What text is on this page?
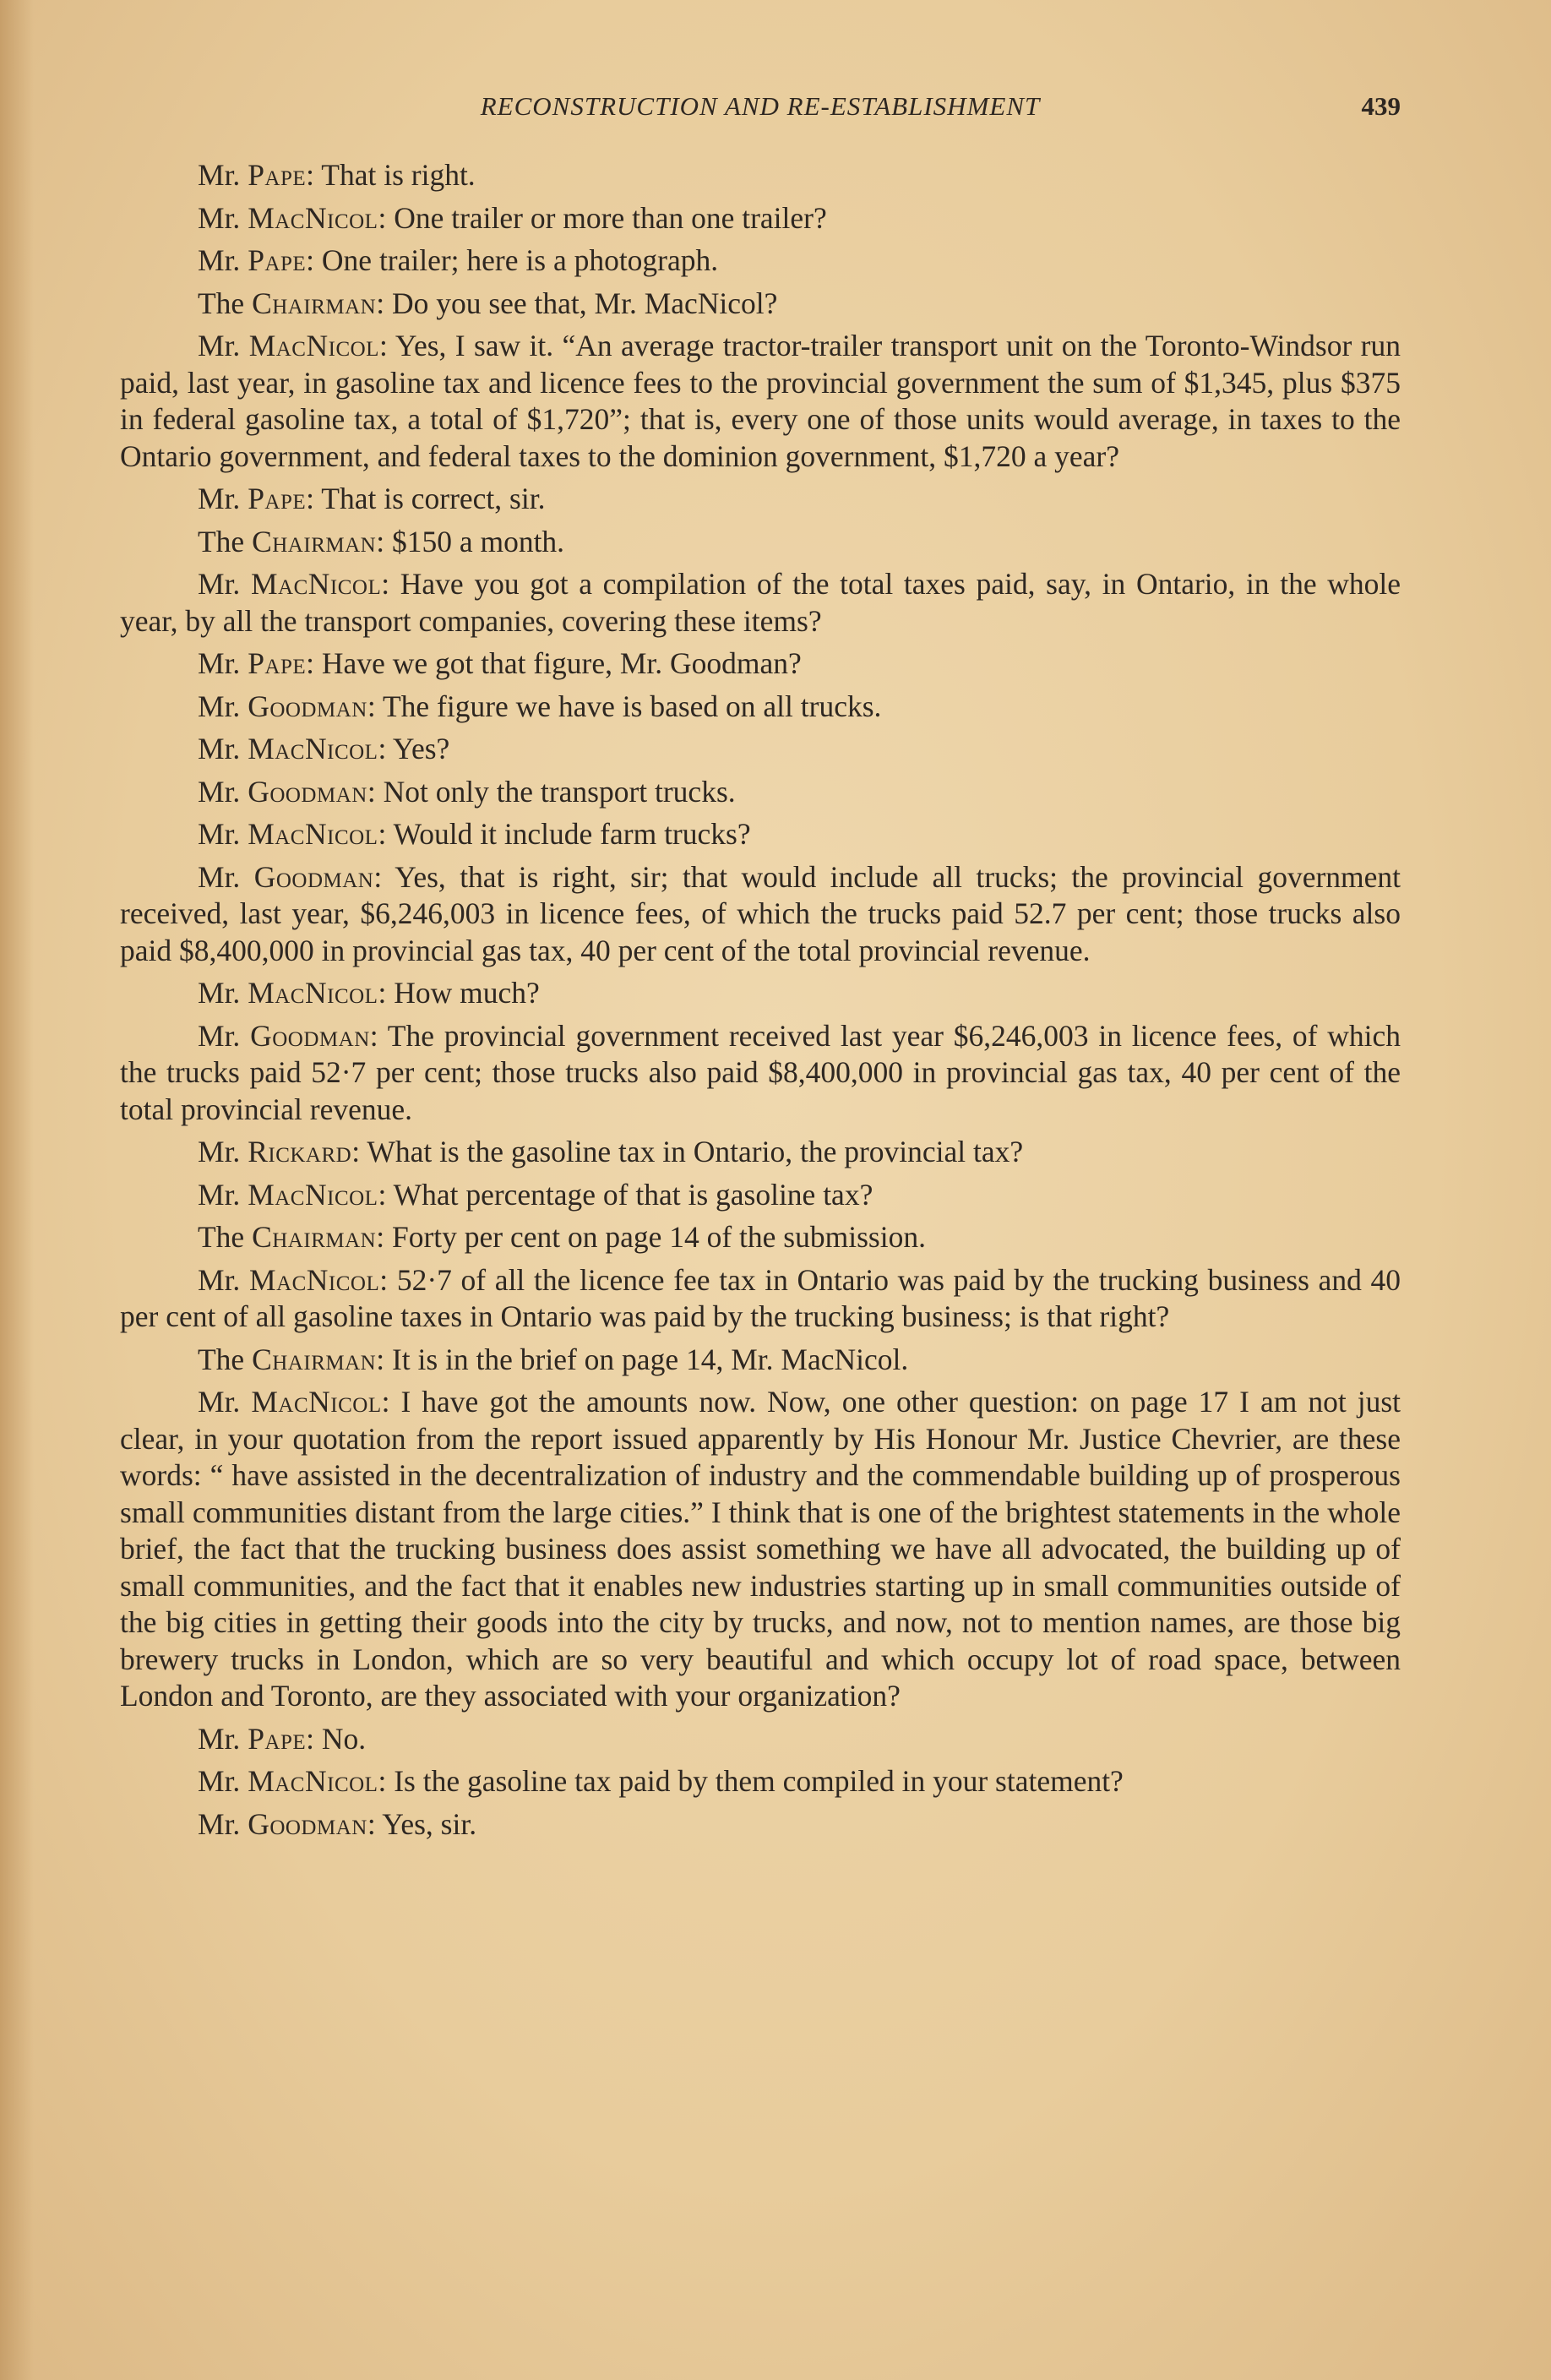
RECONSTRUCTION AND RE-ESTABLISHMENT	439

Mr. Pape: That is right.

Mr. MacNicol: One trailer or more than one trailer?

Mr. Pape: One trailer; here is a photograph.

The Chairman: Do you see that, Mr. MacNicol?

Mr. MacNicol: Yes, I saw it. “An average tractor-trailer transport unit on the Toronto-Windsor run paid, last year, in gasoline tax and licence fees to the provincial government the sum of $1,345, plus $375 in federal gasoline tax, a total of $1,720”; that is, every one of those units would average, in taxes to the Ontario government, and federal taxes to the dominion government, $1,720 a year?

Mr. Pape: That is correct, sir.

The Chairman: $150 a month.

Mr. MacNicol: Have you got a compilation of the total taxes paid, say, in Ontario, in the whole year, by all the transport companies, covering these items?

Mr. Pape: Have we got that figure, Mr. Goodman?

Mr. Goodman: The figure we have is based on all trucks.

Mr. MacNicol: Yes?

Mr. Goodman: Not only the transport trucks.

Mr. MacNicol: Would it include farm trucks?

Mr. Goodman: Yes, that is right, sir; that would include all trucks; the provincial government received, last year, $6,246,003 in licence fees, of which the trucks paid 52.7 per cent; those trucks also paid $8,400,000 in provincial gas tax, 40 per cent of the total provincial revenue.

Mr. MacNicol: How much?

Mr. Goodman: The provincial government received last year $6,246,003 in licence fees, of which the trucks paid 52·7 per cent; those trucks also paid $8,400,000 in provincial gas tax, 40 per cent of the total provincial revenue.

Mr. Rickard: What is the gasoline tax in Ontario, the provincial tax?

Mr. MacNicol: What percentage of that is gasoline tax?

The Chairman: Forty per cent on page 14 of the submission.

Mr. MacNicol: 52·7 of all the licence fee tax in Ontario was paid by the trucking business and 40 per cent of all gasoline taxes in Ontario was paid by the trucking business; is that right?

The Chairman: It is in the brief on page 14, Mr. MacNicol.

Mr. MacNicol: I have got the amounts now. Now, one other question: on page 17 I am not just clear, in your quotation from the report issued apparently by His Honour Mr. Justice Chevrier, are these words: “ have assisted in the decentralization of industry and the commendable building up of prosperous small communities distant from the large cities.” I think that is one of the brightest statements in the whole brief, the fact that the trucking business does assist something we have all advocated, the building up of small communities, and the fact that it enables new industries starting up in small communities outside of the big cities in getting their goods into the city by trucks, and now, not to mention names, are those big brewery trucks in London, which are so very beautiful and which occupy lot of road space, between London and Toronto, are they associated with your organization?

Mr. Pape: No.

Mr. MacNicol: Is the gasoline tax paid by them compiled in your statement?

Mr. Goodman: Yes, sir.
